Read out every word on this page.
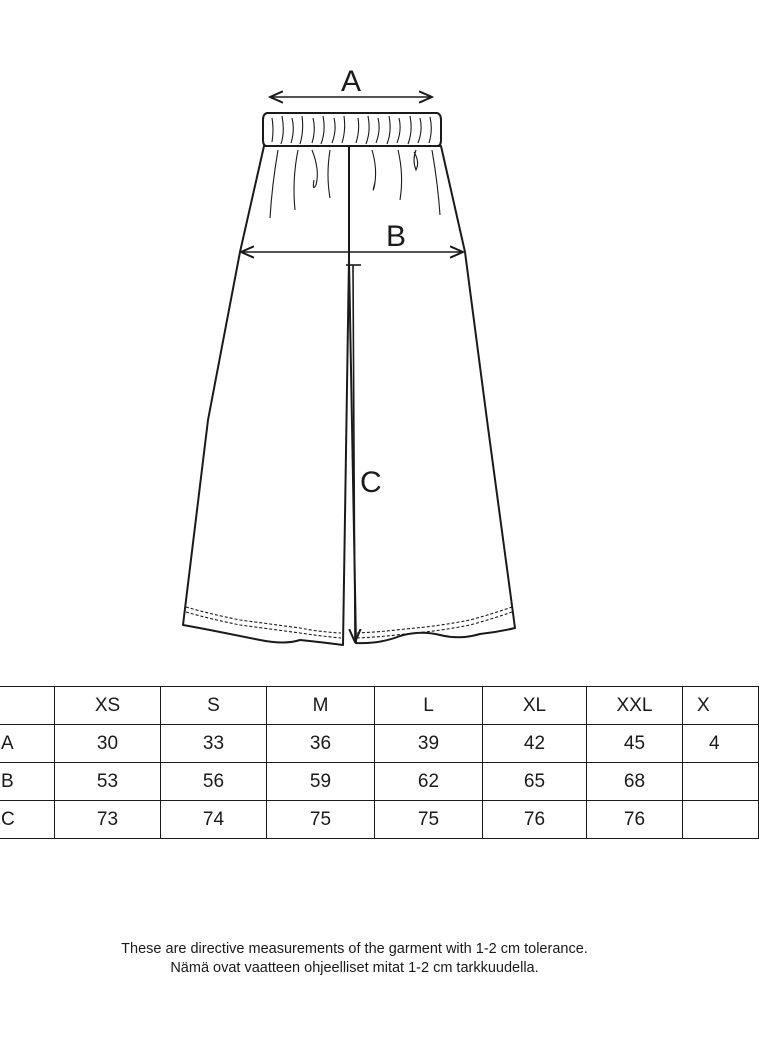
A
B
C
	XS	S	M	L	XL	XXL	X
A	30	33	36	39	42	45	4
B	53	56	59	62	65	68	
C	73	74	75	75	76	76	
These are directive measurements of the garment with 1-2 cm tolerance.
Nämä ovat vaatteen ohjeelliset mitat 1-2 cm tarkkuudella.
